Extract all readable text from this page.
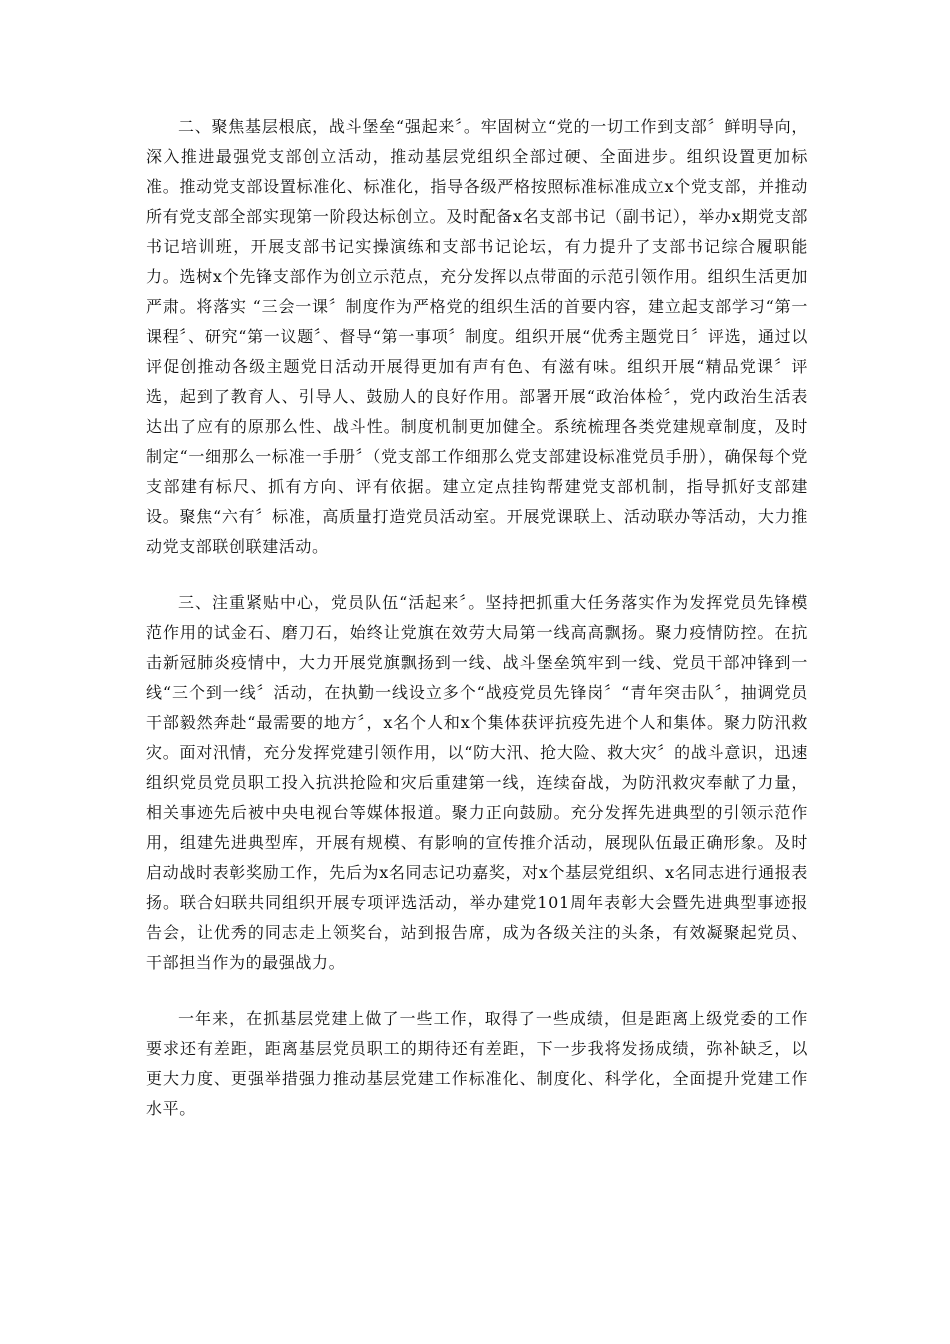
二、聚焦基层根底，战斗堡垒“强起来〞。牢固树立“党的一切工作到支部〞鲜明导向，深入推进最强党支部创立活动，推动基层党组织全部过硬、全面进步。组织设置更加标准。推动党支部设置标准化、标准化，指导各级严格按照标准标准成立x个党支部，并推动所有党支部全部实现第一阶段达标创立。及时配备x名支部书记（副书记），举办x期党支部书记培训班，开展支部书记实操演练和支部书记论坛，有力提升了支部书记综合履职能力。选树x个先锋支部作为创立示范点，充分发挥以点带面的示范引领作用。组织生活更加严肃。将落实 “三会一课〞制度作为严格党的组织生活的首要内容，建立起支部学习“第一课程〞、研究“第一议题〞、督导“第一事项〞制度。组织开展“优秀主题党日〞评选，通过以评促创推动各级主题党日活动开展得更加有声有色、有滋有味。组织开展“精品党课〞评选，起到了教育人、引导人、鼓励人的良好作用。部署开展“政治体检〞，党内政治生活表达出了应有的原那么性、战斗性。制度机制更加健全。系统梳理各类党建规章制度，及时制定“一细那么一标准一手册〞（党支部工作细那么党支部建设标准党员手册），确保每个党支部建有标尺、抓有方向、评有依据。建立定点挂钩帮建党支部机制，指导抓好支部建设。聚焦“六有〞标准，高质量打造党员活动室。开展党课联上、活动联办等活动，大力推动党支部联创联建活动。

三、注重紧贴中心，党员队伍“活起来〞。坚持把抓重大任务落实作为发挥党员先锋模范作用的试金石、磨刀石，始终让党旗在效劳大局第一线高高飘扬。聚力疫情防控。在抗击新冠肺炎疫情中，大力开展党旗飘扬到一线、战斗堡垒筑牢到一线、党员干部冲锋到一线“三个到一线〞活动，在执勤一线设立多个“战疫党员先锋岗〞“青年突击队〞，抽调党员干部毅然奔赴“最需要的地方〞，x名个人和x个集体获评抗疫先进个人和集体。聚力防汛救灾。面对汛情，充分发挥党建引领作用，以“防大汛、抢大险、救大灾〞的战斗意识，迅速组织党员党员职工投入抗洪抢险和灾后重建第一线，连续奋战，为防汛救灾奉献了力量，相关事迹先后被中央电视台等媒体报道。聚力正向鼓励。充分发挥先进典型的引领示范作用，组建先进典型库，开展有规模、有影响的宣传推介活动，展现队伍最正确形象。及时启动战时表彰奖励工作，先后为x名同志记功嘉奖，对x个基层党组织、x名同志进行通报表扬。联合妇联共同组织开展专项评选活动，举办建党101周年表彰大会暨先进典型事迹报告会，让优秀的同志走上领奖台，站到报告席，成为各级关注的头条，有效凝聚起党员、干部担当作为的最强战力。

一年来，在抓基层党建上做了一些工作，取得了一些成绩，但是距离上级党委的工作要求还有差距，距离基层党员职工的期待还有差距，下一步我将发扬成绩，弥补缺乏，以更大力度、更强举措强力推动基层党建工作标准化、制度化、科学化，全面提升党建工作水平。
